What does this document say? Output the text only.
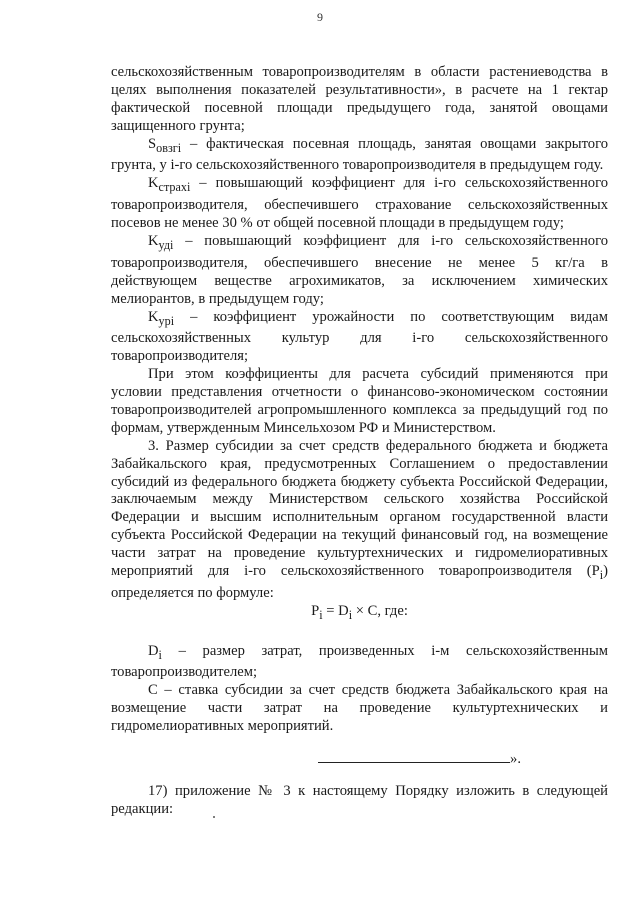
9

сельскохозяйственным товаропроизводителям в области растениеводства в целях выполнения показателей результативности», в расчете на 1 гектар фактической посевной площади предыдущего года, занятой овощами защищенного грунта;

$S_{овзгi}$ – фактическая посевная площадь, занятая овощами закрытого грунта, у i-го сельскохозяйственного товаропроизводителя в предыдущем году.

$K_{страхi}$ – повышающий коэффициент для i-го сельскохозяйственного товаропроизводителя, обеспечившего страхование сельскохозяйственных посевов не менее 30 % от общей посевной площади в предыдущем году;

$K_{удi}$ – повышающий коэффициент для i-го сельскохозяйственного товаропроизводителя, обеспечившего внесение не менее 5 кг/га в действующем веществе агрохимикатов, за исключением химических мелиорантов, в предыдущем году;

$K_{урi}$ – коэффициент урожайности по соответствующим видам сельскохозяйственных культур для i-го сельскохозяйственного товаропроизводителя;

При этом коэффициенты для расчета субсидий применяются при условии представления отчетности о финансово-экономическом состоянии товаропроизводителей агропромышленного комплекса за предыдущий год по формам, утвержденным Минсельхозом РФ и Министерством.

3. Размер субсидии за счет средств федерального бюджета и бюджета Забайкальского края, предусмотренных Соглашением о предоставлении субсидий из федерального бюджета бюджету субъекта Российской Федерации, заключаемым между Министерством сельского хозяйства Российской Федерации и высшим исполнительным органом государственной власти субъекта Российской Федерации на текущий финансовый год, на возмещение части затрат на проведение культуртехнических и гидромелиоративных мероприятий для i-го сельскохозяйственного товаропроизводителя $(P_i)$ определяется по формуле:

$P_i = D_i \times C$, где:

$D_i$ – размер затрат, произведенных i-м сельскохозяйственным товаропроизводителем;

C – ставка субсидии за счет средств бюджета Забайкальского края на возмещение части затрат на проведение культуртехнических и гидромелиоративных мероприятий.

».

17) приложение № 3 к настоящему Порядку изложить в следующей редакции:
